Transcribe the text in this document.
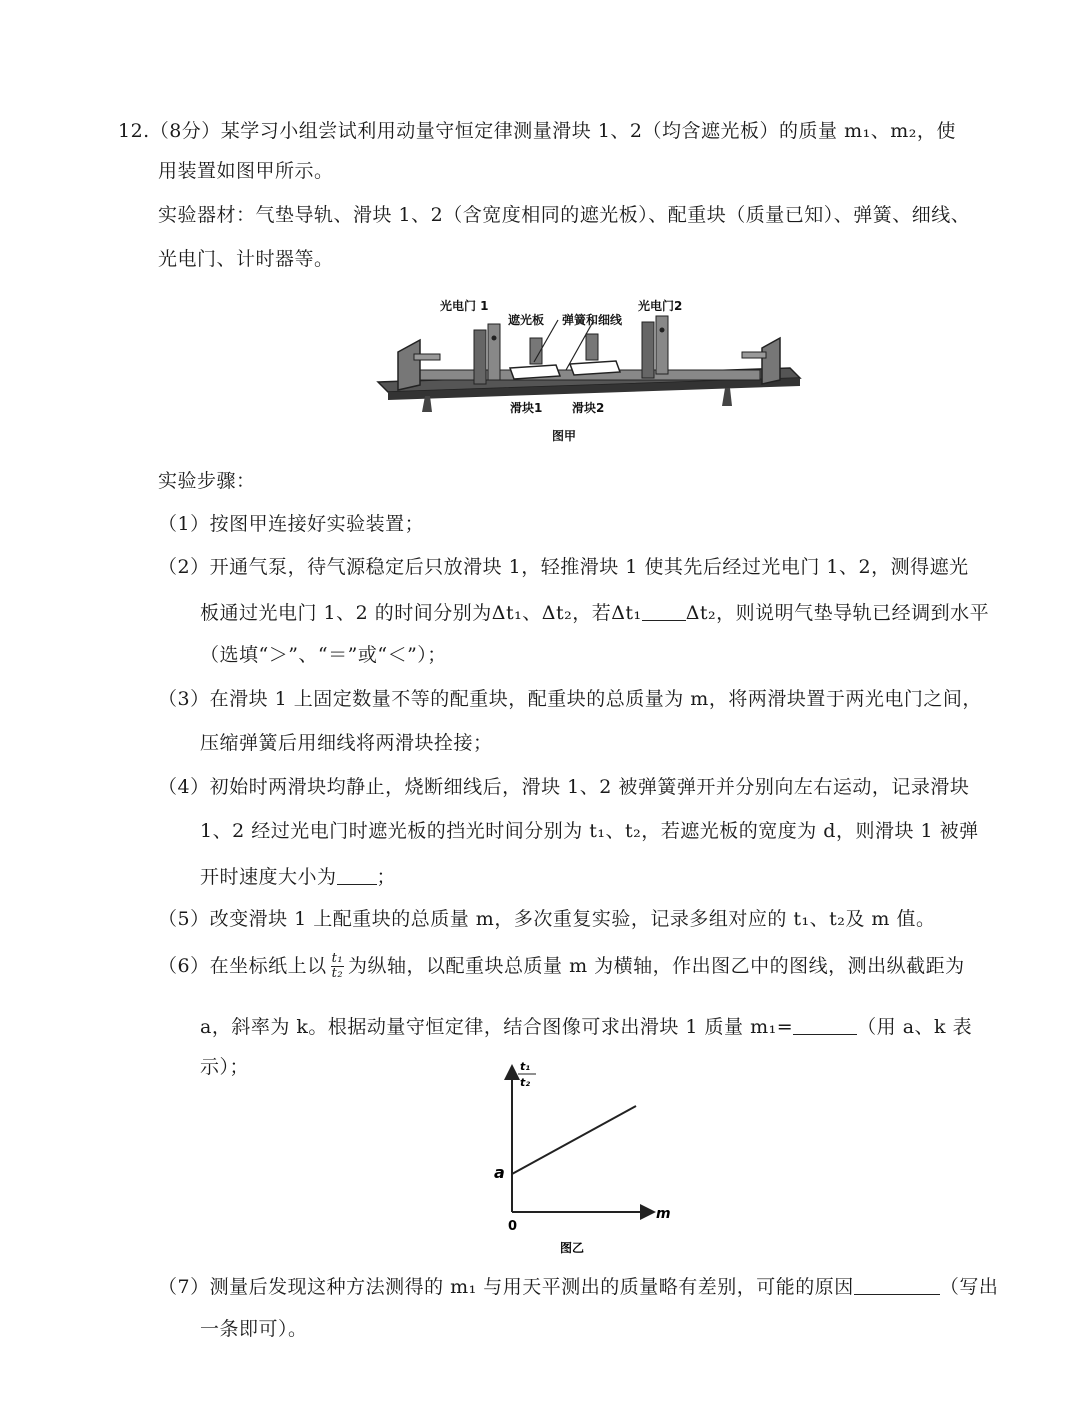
12.（8分）某学习小组尝试利用动量守恒定律测量滑块 1、2（均含遮光板）的质量 m₁、m₂，使
用装置如图甲所示。
实验器材：气垫导轨、滑块 1、2（含宽度相同的遮光板）、配重块（质量已知）、弹簧、细线、
光电门、计时器等。
光电门 1	光电门2
遮光板 弹簧和细线
滑块1 滑块2
图甲
实验步骤：
（1）按图甲连接好实验装置；
（2）开通气泵，待气源稳定后只放滑块 1，轻推滑块 1 使其先后经过光电门 1、2，测得遮光
板通过光电门 1、2 的时间分别为Δt₁、Δt₂，若Δt₁ Δt₂，则说明气垫导轨已经调到水平
（选填“＞”、“＝”或“＜”）；
（3）在滑块 1 上固定数量不等的配重块，配重块的总质量为 m，将两滑块置于两光电门之间，
压缩弹簧后用细线将两滑块拴接；
（4）初始时两滑块均静止，烧断细线后，滑块 1、2 被弹簧弹开并分别向左右运动，记录滑块
1、2 经过光电门时遮光板的挡光时间分别为 t₁、t₂，若遮光板的宽度为 d，则滑块 1 被弹
开时速度大小为 ；
（5）改变滑块 1 上配重块的总质量 m，多次重复实验，记录多组对应的 t₁、t₂及 m 值。
（6）在坐标纸上以 $\frac{\text{t₁}}{\text{t₂}}$ 为纵轴，以配重块总质量 m 为横轴，作出图乙中的图线，测出纵截距为
a，斜率为 k。根据动量守恒定律，结合图像可求出滑块 1 质量 m₁=	（用 a、k 表
示）；	t₁
t₂
m
a
0
图乙
（7）测量后发现这种方法测得的 m₁ 与用天平测出的质量略有差别，可能的原因	（写出
一条即可）。
